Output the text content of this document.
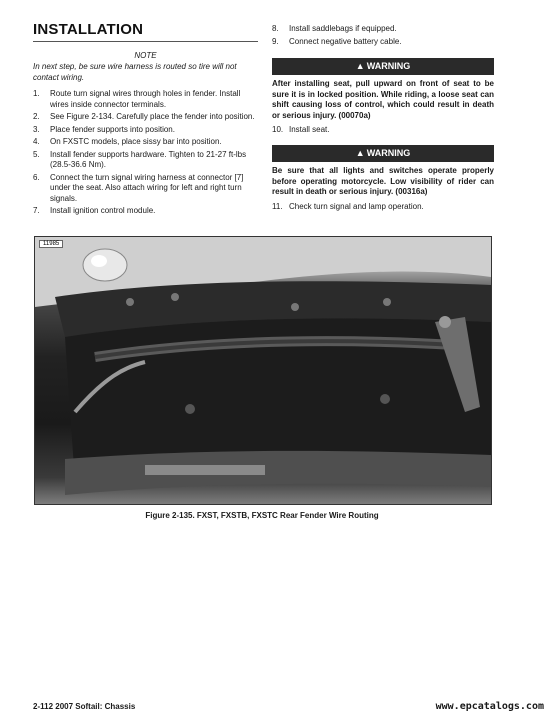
INSTALLATION
NOTE
In next step, be sure wire harness is routed so tire will not contact wiring.
1. Route turn signal wires through holes in fender. Install wires inside connector terminals.
2. See Figure 2-134. Carefully place the fender into position.
3. Place fender supports into position.
4. On FXSTC models, place sissy bar into position.
5. Install fender supports hardware. Tighten to 21-27 ft-lbs (28.5-36.6 Nm).
6. Connect the turn signal wiring harness at connector [7] under the seat. Also attach wiring for left and right turn signals.
7. Install ignition control module.
8. Install saddlebags if equipped.
9. Connect negative battery cable.
▲ WARNING
After installing seat, pull upward on front of seat to be sure it is in locked position. While riding, a loose seat can shift causing loss of control, which could result in death or serious injury. (00070a)
10. Install seat.
▲ WARNING
Be sure that all lights and switches operate properly before operating motorcycle. Low visibility of rider can result in death or serious injury. (00316a)
11. Check turn signal and lamp operation.
11985
Figure 2-135. FXST, FXSTB, FXSTC Rear Fender Wire Routing
2-112 2007 Softail: Chassis	www.epcatalogs.com
